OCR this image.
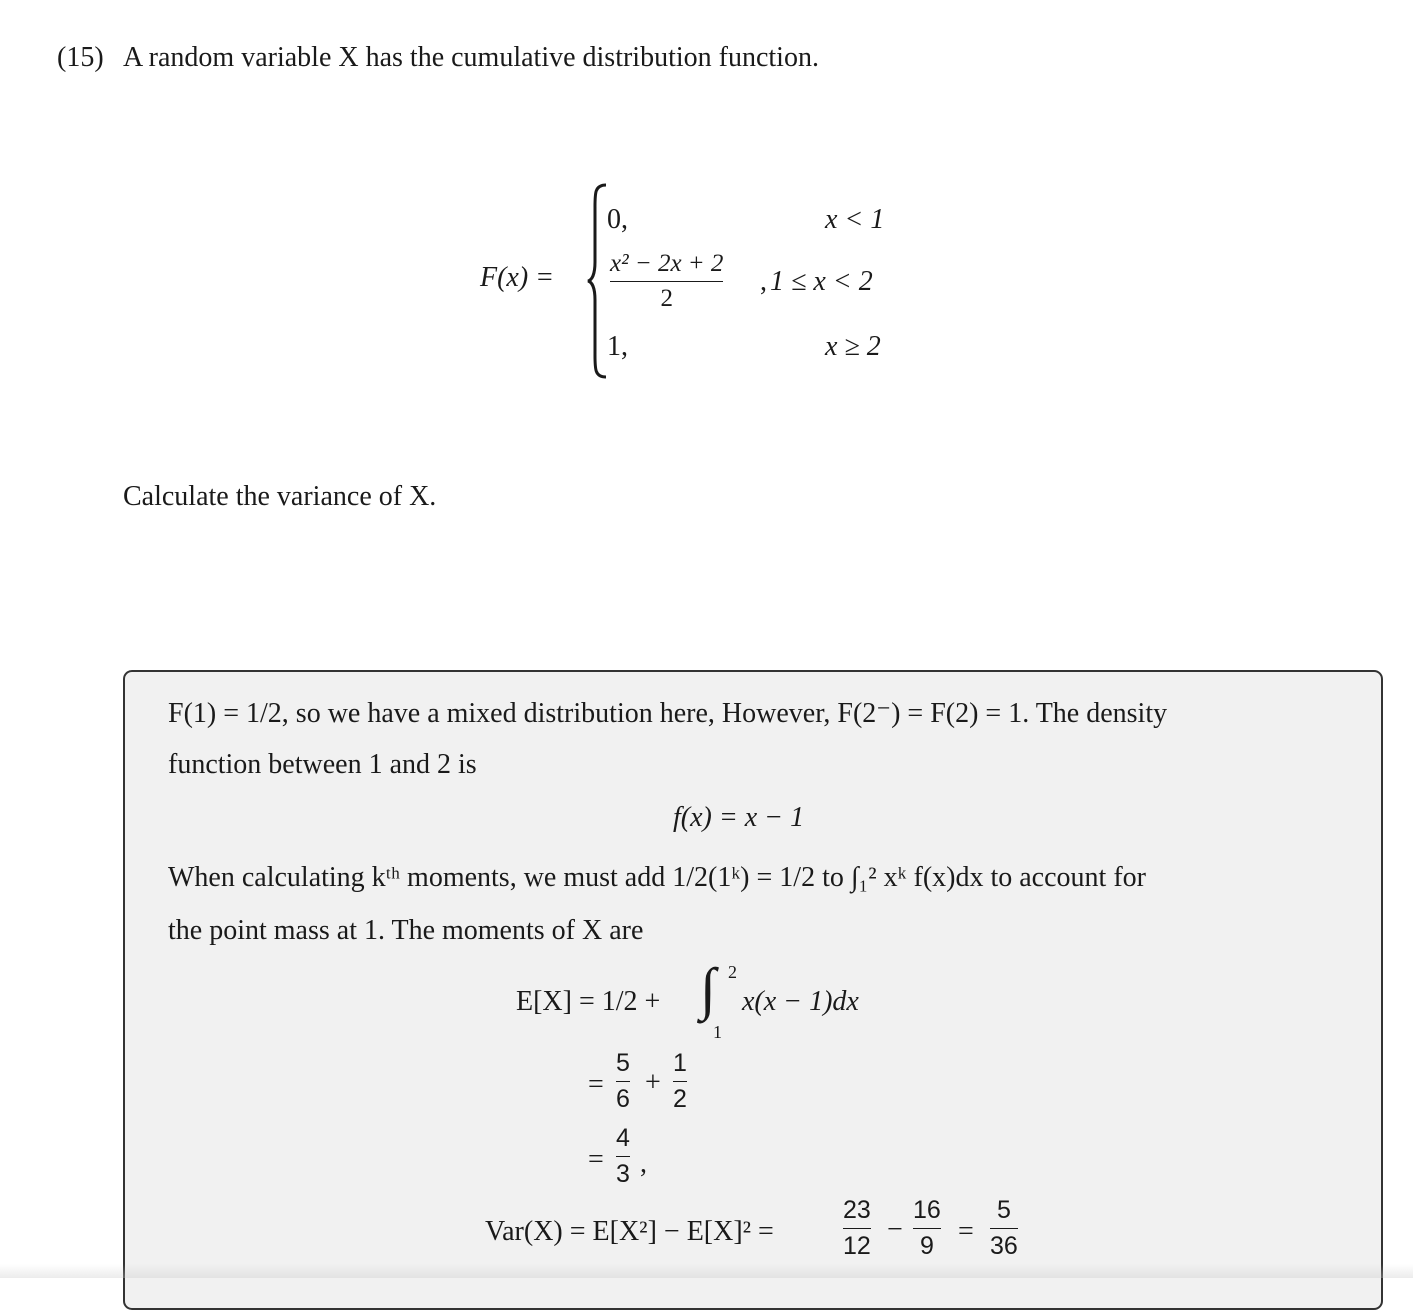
(15) A random variable X has the cumulative distribution function.
F(x) =
0,	x < 1
x² − 2x + 2
2
, 1 ≤ x < 2
1,	x ≥ 2
Calculate the variance of X.
F(1) = 1/2, so we have a mixed distribution here, However, F(2⁻) = F(2) = 1. The density
function between 1 and 2 is
f(x) = x − 1
When calculating kᵗʰ moments, we must add 1/2(1ᵏ) = 1/2 to ∫₁² xᵏ f(x)dx to account for
the point mass at 1. The moments of X are
E[X] = 1/2 + ∫ 2
1
x(x − 1)dx
=
5
6
+
1
2
=
4
3 ,
Var(X) = E[X²] − E[X]² =
23
12
−
16
9 =
5
36
